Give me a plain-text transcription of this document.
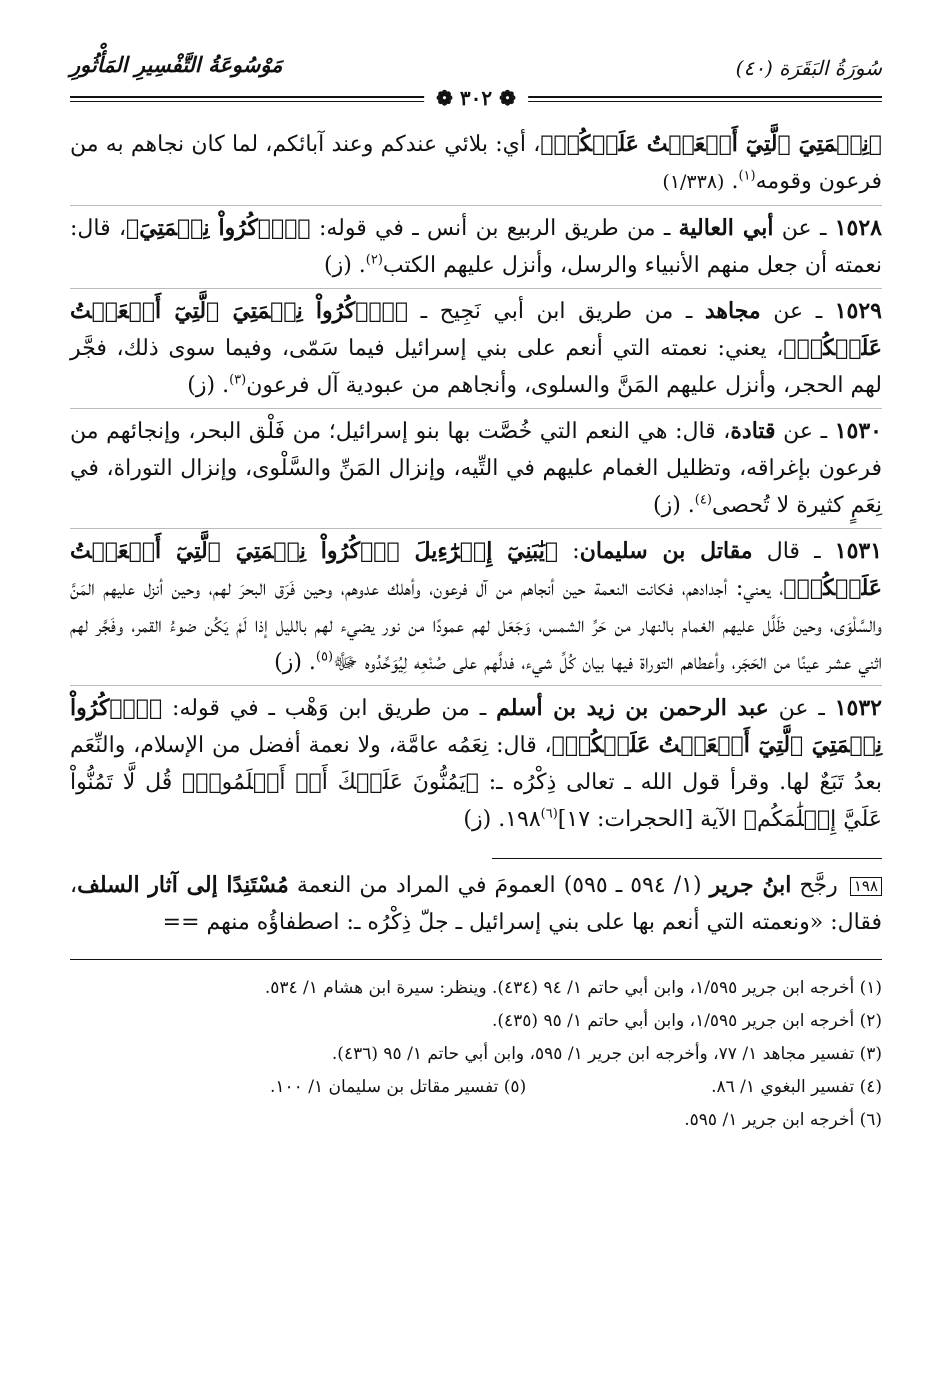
سُورَةُ البَقَرَة (٤٠)
مَوْسُوعَةُ التَّفْسِيرِ المَأْثُورِ
❁ ٣٠٢ ❁
﴿نِعۡمَتِيَ ٱلَّتِيٓ أَنۡعَمۡتُ عَلَيۡكُمۡ﴾، أي: بلائي عندكم وعند آبائكم، لما كان نجاهم به من فرعون وقومه$^{(١)}$. (١/٣٣٨)
١٥٢٨ ـ عن أبي العالية ـ من طريق الربيع بن أنس ـ في قوله: ﴿ٱذۡكُرُواْ نِعۡمَتِيَ﴾، قال: نعمته أن جعل منهم الأنبياء والرسل، وأنزل عليهم الكتب$^{(٢)}$. (ز)
١٥٢٩ ـ عن مجاهد ـ من طريق ابن أبي نَجِيح ـ ﴿ٱذۡكُرُواْ نِعۡمَتِيَ ٱلَّتِيٓ أَنۡعَمۡتُ عَلَيۡكُمۡ﴾، يعني: نعمته التي أنعم على بني إسرائيل فيما سَمّى، وفيما سوى ذلك، فجَّر لهم الحجر، وأنزل عليهم المَنَّ والسلوى، وأنجاهم من عبودية آل فرعون$^{(٣)}$. (ز)
١٥٣٠ ـ عن قتادة، قال: هي النعم التي خُصَّت بها بنو إسرائيل؛ من فَلْق البحر، وإنجائهم من فرعون بإغراقه، وتظليل الغمام عليهم في التِّيه، وإنزال المَنِّ والسَّلْوى، وإنزال التوراة، في نِعَمٍ كثيرة لا تُحصى$^{(٤)}$. (ز)
١٥٣١ ـ قال مقاتل بن سليمان: ﴿يَٰبَنِيٓ إِسۡرَٰٓءِيلَ ٱذۡكُرُواْ نِعۡمَتِيَ ٱلَّتِيٓ أَنۡعَمۡتُ عَلَيۡكُمۡ﴾، يعني: أجدادهم، فكانت النعمة حين أنجاهم من آل فرعون، وأهلك عدوهم، وحين فَرَق البحرَ لهم، وحين أنزل عليهم المَنَّ والسَّلْوَى، وحين ظَلَّل عليهم الغمام بالنهار من حَرِّ الشمس، وَجَعَل لهم عمودًا من نور يضيء لهم بالليل إذا لَمْ يَكُن ضوءُ القمر، وفَجَّر لهم اثني عشر عينًا من الحَجَر، وأعطاهم التوراة فيها بيان كُلِّ شيء، فدلَّهم على صُنْعِه لِيُوَحِّدُوه ﷻ$^{(٥)}$. (ز)
١٥٣٢ ـ عن عبد الرحمن بن زيد بن أسلم ـ من طريق ابن وَهْب ـ في قوله: ﴿ٱذۡكُرُواْ نِعۡمَتِيَ ٱلَّتِيٓ أَنۡعَمۡتُ عَلَيۡكُمۡ﴾، قال: نِعَمُه عامَّة، ولا نعمة أفضل من الإسلام، والنِّعَم بعدُ تَبَعٌ لها. وقرأ قول الله ـ تعالى ذِكْرُه ـ: ﴿يَمُنُّونَ عَلَيۡكَ أَنۡ أَسۡلَمُواْۖ قُل لَّا تَمُنُّواْ عَلَيَّ إِسۡلَٰمَكُم﴾ الآية [الحجرات: ١٧]$^{(٦)}$١٩٨. (ز)
١٩٨ رجَّح ابنُ جرير (١/ ٥٩٤ ـ ٥٩٥) العمومَ في المراد من النعمة مُسْتَنِدًا إلى آثار السلف، فقال: «ونعمته التي أنعم بها على بني إسرائيل ـ جلّ ذِكْرُه ـ: اصطفاؤُه منهم ==
(١) أخرجه ابن جرير ١/٥٩٥، وابن أبي حاتم ١/ ٩٤ (٤٣٤). وينظر: سيرة ابن هشام ١/ ٥٣٤.
(٢) أخرجه ابن جرير ١/٥٩٥، وابن أبي حاتم ١/ ٩٥ (٤٣٥).
(٣) تفسير مجاهد ١/ ٧٧، وأخرجه ابن جرير ١/ ٥٩٥، وابن أبي حاتم ١/ ٩٥ (٤٣٦).
(٤) تفسير البغوي ١/ ٨٦.
(٥) تفسير مقاتل بن سليمان ١/ ١٠٠.
(٦) أخرجه ابن جرير ١/ ٥٩٥.
